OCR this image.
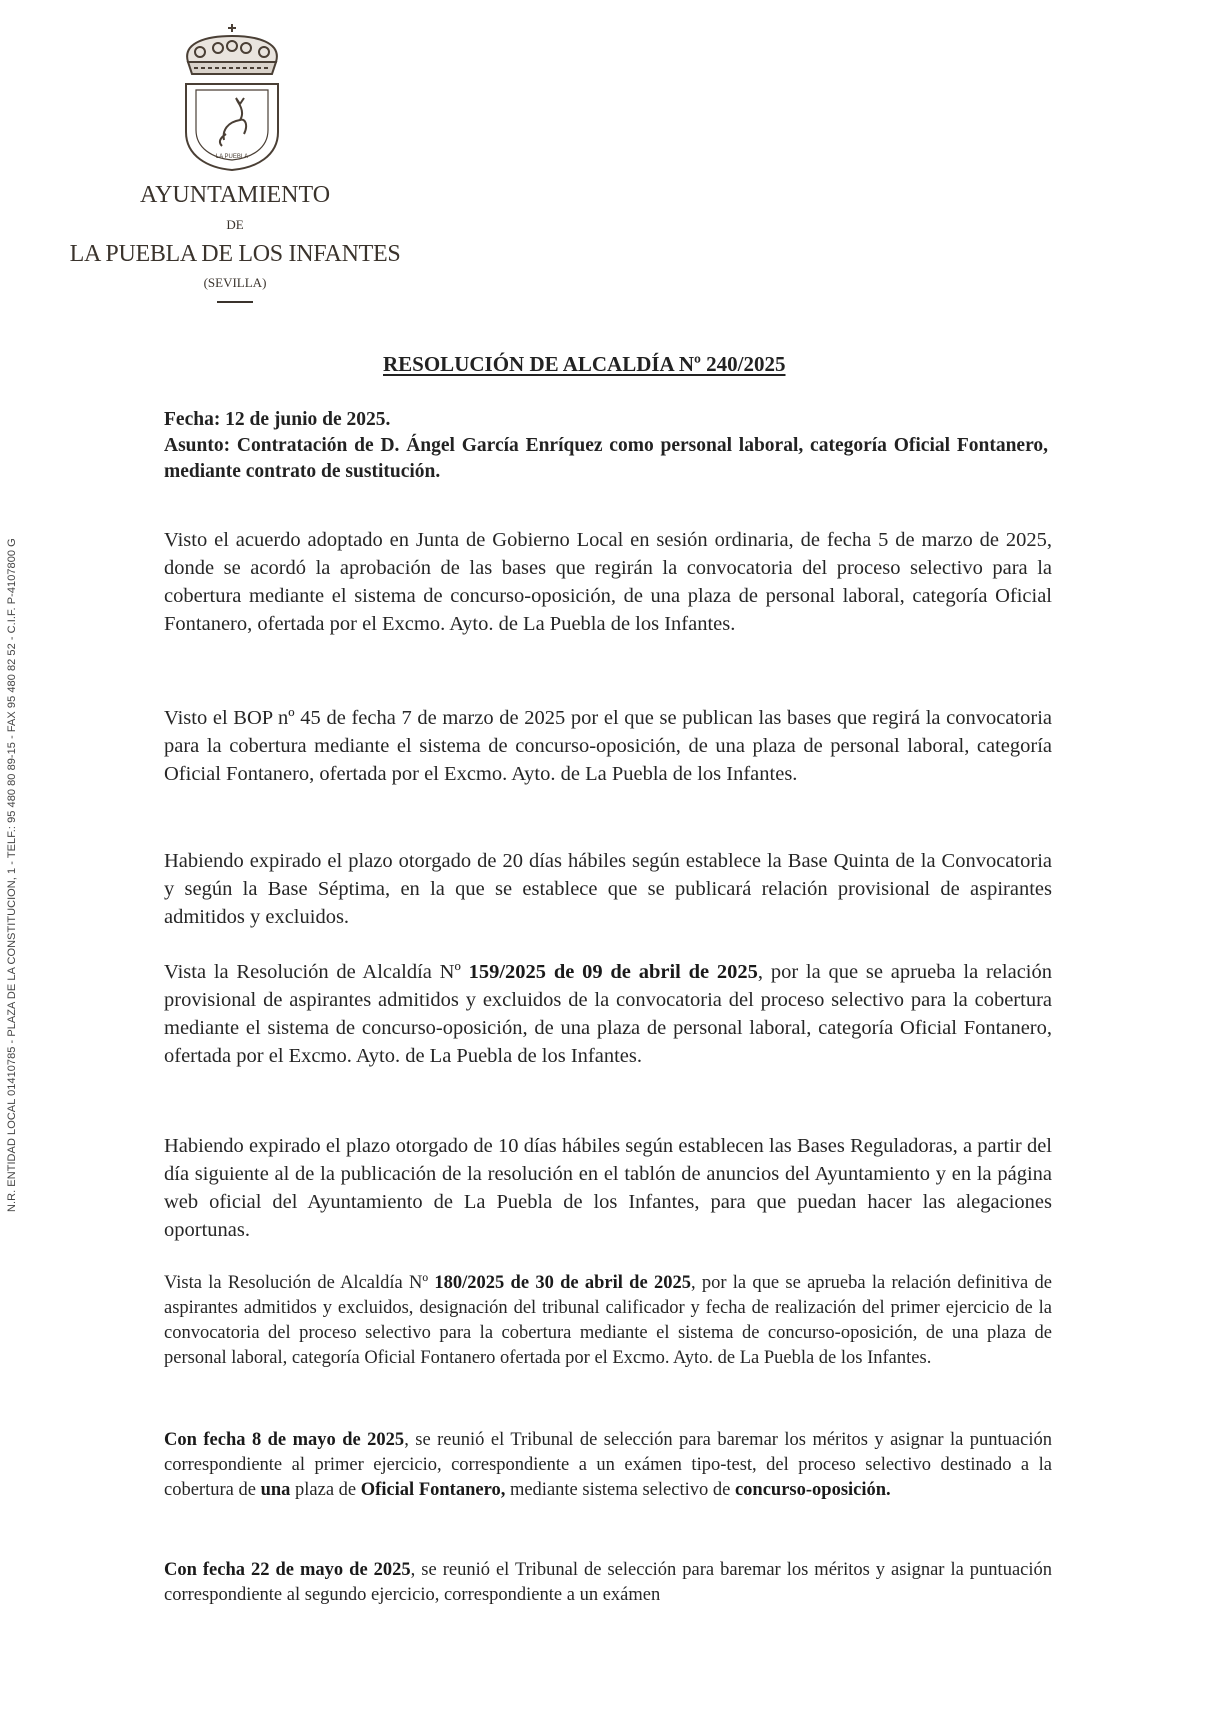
LA PUEBLA
AYUNTAMIENTO
DE
LA PUEBLA DE LOS INFANTES
(SEVILLA)
N.R. ENTIDAD LOCAL 01410785 - PLAZA DE LA CONSTITUCION, 1 - TELF.: 95 480 80 89-15 - FAX 95 480 82 52 - C.I.F. P-4107800 G
RESOLUCIÓN DE ALCALDÍA Nº 240/2025

Fecha: 12 de junio de 2025.

Asunto: Contratación de D. Ángel García Enríquez como personal laboral, categoría Oficial Fontanero, mediante contrato de sustitución.

Visto el acuerdo adoptado en Junta de Gobierno Local en sesión ordinaria, de fecha 5 de marzo de 2025, donde se acordó la aprobación de las bases que regirán la convocatoria del proceso selectivo para la cobertura mediante el sistema de concurso-oposición, de una plaza de personal laboral, categoría Oficial Fontanero, ofertada por el Excmo. Ayto. de La Puebla de los Infantes.

Visto el BOP nº 45 de fecha 7 de marzo de 2025 por el que se publican las bases que regirá la convocatoria para la cobertura mediante el sistema de concurso-oposición, de una plaza de personal laboral, categoría Oficial Fontanero, ofertada por el Excmo. Ayto. de La Puebla de los Infantes.

Habiendo expirado el plazo otorgado de 20 días hábiles según establece la Base Quinta de la Convocatoria y según la Base Séptima, en la que se establece que se publicará relación provisional de aspirantes admitidos y excluidos.

Vista la Resolución de Alcaldía Nº 159/2025 de 09 de abril de 2025, por la que se aprueba la relación provisional de aspirantes admitidos y excluidos de la convocatoria del proceso selectivo para la cobertura mediante el sistema de concurso-oposición, de una plaza de personal laboral, categoría Oficial Fontanero, ofertada por el Excmo. Ayto. de La Puebla de los Infantes.

Habiendo expirado el plazo otorgado de 10 días hábiles según establecen las Bases Reguladoras, a partir del día siguiente al de la publicación de la resolución en el tablón de anuncios del Ayuntamiento y en la página web oficial del Ayuntamiento de La Puebla de los Infantes, para que puedan hacer las alegaciones oportunas.

Vista la Resolución de Alcaldía Nº 180/2025 de 30 de abril de 2025, por la que se aprueba la relación definitiva de aspirantes admitidos y excluidos, designación del tribunal calificador y fecha de realización del primer ejercicio de la convocatoria del proceso selectivo para la cobertura mediante el sistema de concurso-oposición, de una plaza de personal laboral, categoría Oficial Fontanero ofertada por el Excmo. Ayto. de La Puebla de los Infantes.

Con fecha 8 de mayo de 2025, se reunió el Tribunal de selección para baremar los méritos y asignar la puntuación correspondiente al primer ejercicio, correspondiente a un exámen tipo-test, del proceso selectivo destinado a la cobertura de una plaza de Oficial Fontanero, mediante sistema selectivo de concurso-oposición.

Con fecha 22 de mayo de 2025, se reunió el Tribunal de selección para baremar los méritos y asignar la puntuación correspondiente al segundo ejercicio, correspondiente a un exámen
